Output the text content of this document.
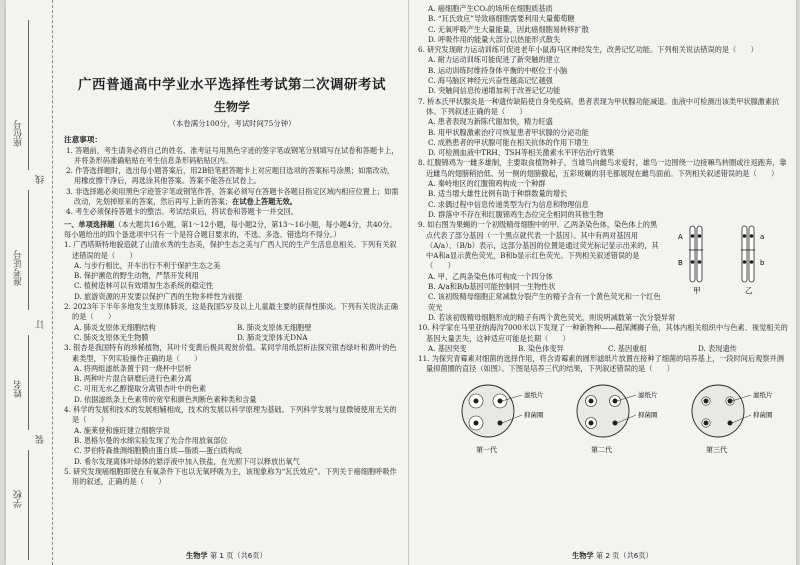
座位号
准考证号
姓名
学校
线
订
装
广西普通高中学业水平选择性考试第二次调研考试
生物学
（本卷满分100分，考试时间75分钟）
注意事项：
1. 答题前，考生请务必将自己的姓名、准考证号用黑色字迹的签字笔或钢笔分别填写在试卷和答题卡上，并将条形码准确粘贴在考生信息条形码粘贴区内。
2. 作答选择题时，选出每小题答案后，用2B铅笔把答题卡上对应题目选项的答案标号涂黑；如需改动，用橡皮擦干净后，再选涂其他答案。答案不能答在试卷上。
3. 非选择题必须用黑色字迹签字笔或钢笔作答，答案必须写在答题卡各题目指定区域内相应位置上；如需改动，先划掉原来的答案，然后再写上新的答案；在试卷上答题无效。
4. 考生必须保持答题卡的整洁。考试结束后，将试卷和答题卡一并交回。
一、单项选择题（本大题共16小题，第1～12小题，每小题2分，第13～16小题，每小题4分，共40分。每小题给出的四个备选项中只有一个是符合题目要求的，不选、多选、错选均不得分。）
1. 广西塔斯特地貌造就了山清水秀的生态美，保护生态之美与广西人民的生产生活息息相关。下列有关叙述错误的是（　　）
A. 与步行相比，开车出行不利于保护生态之美
B. 保护濒危的野生动物，严禁开发利用
C. 植树造林可以有效增加生态系统的稳定性
D. 旅游资源的开发要以保护广西的生物多样性为前提
2. 2023年下半年多地发生支原体肺炎，这是我国5岁及以上儿童最主要的获得性肺炎。下列有关说法正确的是（　　）
A. 肺炎支原体无细胞结构	B. 肺炎支原体无细胞壁
C. 肺炎支原体无生物膜	D. 肺炎支原体无DNA
3. 银杏是我国特有的珍稀植物，其叶片变黄后极具观赏价值。某同学用纸层析法探究银杏绿叶和黄叶的色素类型，下列实验操作正确的是（　　）
A. 将两组滤纸条置于同一烧杯中层析
B. 两种叶片混合研磨后进行色素分离
C. 可用无水乙醇提取分离银杏叶中的色素
D. 依据滤纸条上色素带的宽窄和颜色判断色素种类和含量
4. 科学的发展和技术的发展相辅相成，技术的发展以科学原理为基础。下列科学发展与显微镜使用无关的是（　　）
A. 施莱登和施旺建立细胞学说
B. 恩格尔曼的水绵实验发现了光合作用放氧部位
C. 罗伯特森推测细胞膜由蛋白质—脂质—蛋白质构成
D. 希尔发现离体叶绿体的悬浮液中加入铁盐，在光照下可以释放出氧气
5. 研究发现癌细胞即使在有氧条件下也以无氧呼吸为主，该现象称为“瓦氏效应”。下列关于癌细胞呼吸作用的叙述，正确的是（　　）
A. 癌细胞产生CO₂的场所在细胞质基质
B. “瓦氏效应”导致癌细胞需要利用大量葡萄糖
C. 无氧呼吸产生大量能量，因此癌细胞易转移扩散
D. 呼吸作用的能量大部分以热能形式散失
6. 研究发现耐力运动训练可促进老年小鼠海马区神经发生，改善记忆功能。下列相关说法错误的是（　　）
A. 耐力运动训练可能促进了新突触的建立
B. 运动训练时维持身体平衡的中枢位于小脑
C. 海马脑区神经元兴奋性越高记忆越强
D. 突触间信息传递增加利于改善记忆功能
7. 桥本氏甲状腺炎是一种遗传缺陷使自身免疫病，患者表现为甲状腺功能减退。血液中可检测出该类甲状腺激素抗体。下列叙述正确的是（　　）
A. 患者表现为新陈代谢加快，精力旺盛
B. 用甲状腺激素治疗可恢复患者甲状腺的分泌功能
C. 成熟患者的甲状腺可能在相关抗体的作用下增生
D. 可检测血液中TRH、TSH等相关激素水平评估治疗效果
8. 红腹锦鸡为一雌多雄制，主要取食植物种子，当雄鸟向雌鸟求爱时，雄鸟一边围绕一边接嘛鸟转圈或往返跑奔，靠近雌鸟的翅膀稍抬低、另一侧的翅膀撒起，五彩斑斓的羽毛都展现在雌鸟面前。下列相关叙述错误的是（　　）
A. 秦岭地区的红腹锦鸡构成一个种群
B. 适当增大雄性比例有助于种群数量的增长
C. 求偶过程中信息传递类型为行为信息和物理信息
D. 群落中不存在和红腹锦鸡生态位完全相同的其他生物
A
B
a
b
甲	乙
9. 如右图为果蝇的一个初级精母细胞中的甲、乙两条染色体，染色体上的黑点代表了部分基因（一个黑点就代表一个基因）。其中有两对基因用（A/a）、（B/b）表示，这部分基因的位置是通过荧光标记显示出来的，其中A和a显示黄色荧光，B和b显示红色荧光。下列相关叙述错误的是（　　）
A. 甲、乙两条染色体可构成一个四分体
B. A/a和B/b基因可能控制同一生物性状
C. 该初级精母细胞正常减数分裂产生的精子含有一个黄色荧光和一个红色荧光
D. 若该初级精母细胞形成的精子有两个黄色荧光，则说明减数第一次分裂异常
10. 科学家在马里亚纳海沟7000米以下发现了一种新物种——超深渊狮子鱼，其体内相关组织中与色素、视觉相关的基因大量丢失，这种适应可能是长期（　　）
A. 基因突变	B. 染色体变异	C. 基因重组	D. 表现遗传
11. 为探究青霉素对细菌的选择作用，将含青霉素的圆形滤纸片放置在接种了细菌的培养基上，一段时间后观察并测量抑菌圈的直径（如图）。下图是培养三代的结果，下列叙述错误的是（　　）
滤纸片
抑菌圈
第一代
滤纸片
抑菌圈
第二代
滤纸片
抑菌圈
第三代
生物学 第 1 页（共6页）	生物学 第 2 页（共6页）
